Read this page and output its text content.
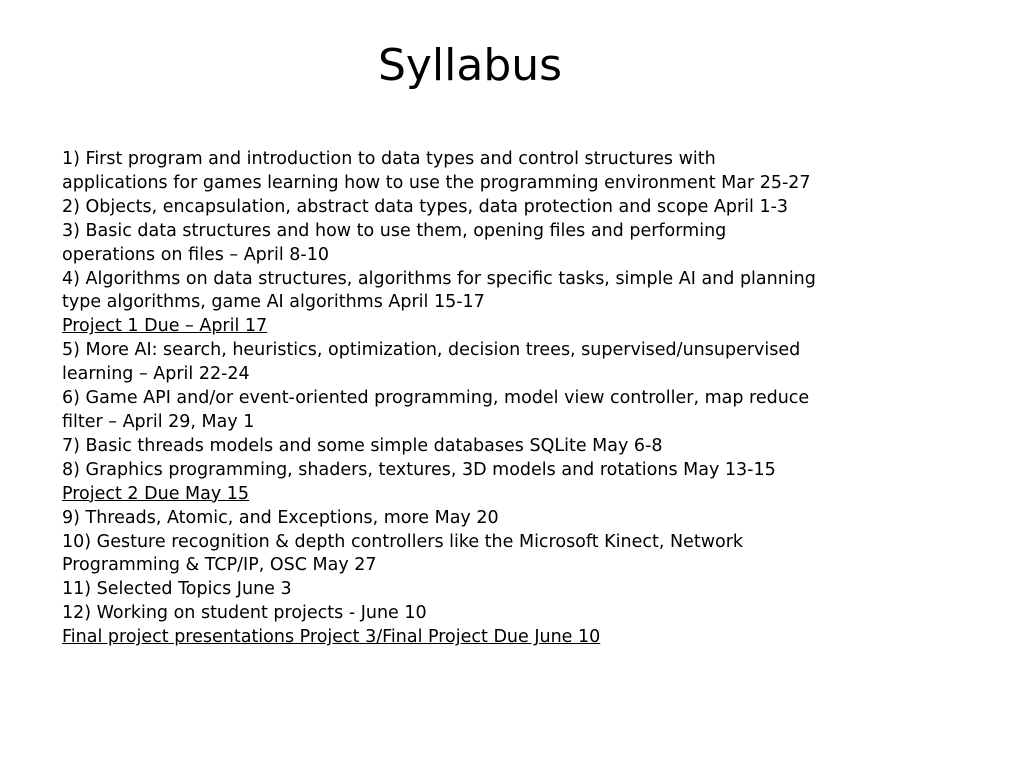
Syllabus
1) First program and introduction to data types and control structures with
applications for games learning how to use the programming environment Mar 25-27
2) Objects, encapsulation, abstract data types, data protection and scope April 1-3
3) Basic data structures and how to use them, opening files and performing
operations on files – April 8-10
4) Algorithms on data structures, algorithms for specific tasks, simple AI and planning
type algorithms, game AI algorithms April 15-17
Project 1 Due – April 17
5) More AI: search, heuristics, optimization, decision trees, supervised/unsupervised
learning – April 22-24
6) Game API and/or event-oriented programming, model view controller, map reduce
filter – April 29, May 1
7) Basic threads models and some simple databases SQLite May 6-8
8) Graphics programming, shaders, textures, 3D models and rotations May 13-15
Project 2 Due May 15
9) Threads, Atomic, and Exceptions, more May 20
10) Gesture recognition & depth controllers like the Microsoft Kinect, Network
Programming & TCP/IP, OSC May 27
11) Selected Topics June 3
12) Working on student projects - June 10
Final project presentations Project 3/Final Project Due June 10
